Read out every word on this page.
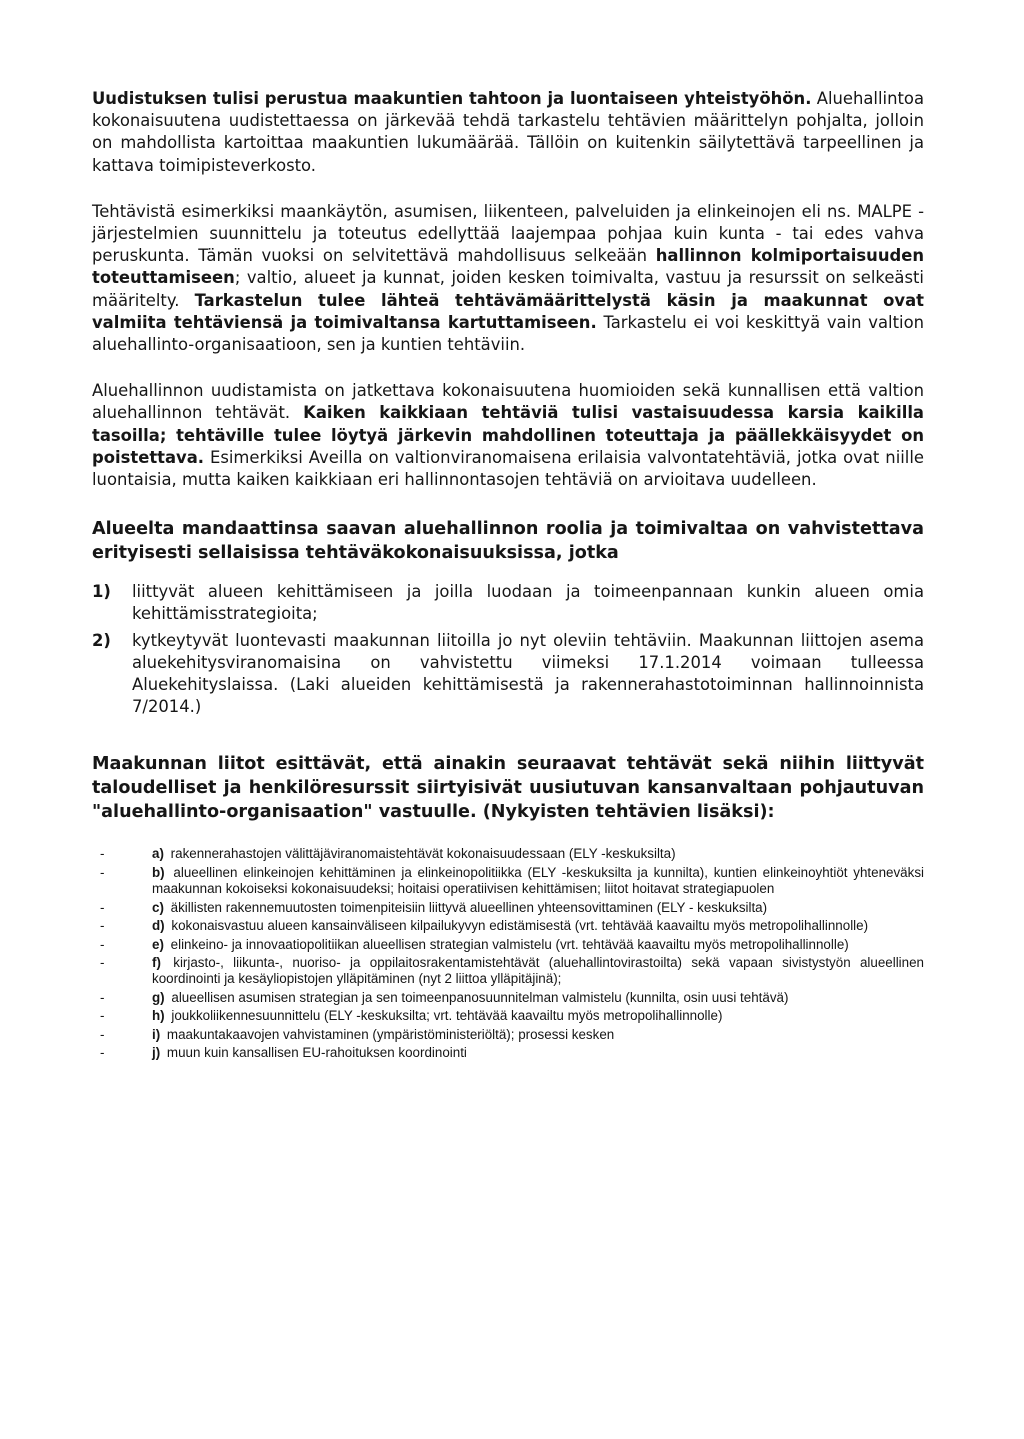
Uudistuksen tulisi perustua maakuntien tahtoon ja luontaiseen yhteistyöhön. Aluehallintoa kokonaisuutena uudistettaessa on järkevää tehdä tarkastelu tehtävien määrittelyn pohjalta, jolloin on mahdollista kartoittaa maakuntien lukumäärää. Tällöin on kuitenkin säilytettävä tarpeellinen ja kattava toimipisteverkosto.

Tehtävistä esimerkiksi maankäytön, asumisen, liikenteen, palveluiden ja elinkeinojen eli ns. MALPE -järjestelmien suunnittelu ja toteutus edellyttää laajempaa pohjaa kuin kunta - tai edes vahva peruskunta. Tämän vuoksi on selvitettävä mahdollisuus selkeään hallinnon kolmiportaisuuden toteuttamiseen; valtio, alueet ja kunnat, joiden kesken toimivalta, vastuu ja resurssit on selkeästi määritelty. Tarkastelun tulee lähteä tehtävämäärittelystä käsin ja maakunnat ovat valmiita tehtäviensä ja toimivaltansa kartuttamiseen. Tarkastelu ei voi keskittyä vain valtion aluehallinto-organisaatioon, sen ja kuntien tehtäviin.

Aluehallinnon uudistamista on jatkettava kokonaisuutena huomioiden sekä kunnallisen että valtion aluehallinnon tehtävät. Kaiken kaikkiaan tehtäviä tulisi vastaisuudessa karsia kaikilla tasoilla; tehtäville tulee löytyä järkevin mahdollinen toteuttaja ja päällekkäisyydet on poistettava. Esimerkiksi Aveilla on valtionviranomaisena erilaisia valvontatehtäviä, jotka ovat niille luontaisia, mutta kaiken kaikkiaan eri hallinnontasojen tehtäviä on arvioitava uudelleen.

Alueelta mandaattinsa saavan aluehallinnon roolia ja toimivaltaa on vahvistettava erityisesti sellaisissa tehtäväkokonaisuuksissa, jotka

1)	liittyvät alueen kehittämiseen ja joilla luodaan ja toimeenpannaan kunkin alueen omia kehittämisstrategioita;
2)	kytkeytyvät luontevasti maakunnan liitoilla jo nyt oleviin tehtäviin. Maakunnan liittojen asema aluekehitysviranomaisina on vahvistettu viimeksi 17.1.2014 voimaan tulleessa Aluekehityslaissa. (Laki alueiden kehittämisestä ja rakennerahastotoiminnan hallinnoinnista 7/2014.)

Maakunnan liitot esittävät, että ainakin seuraavat tehtävät sekä niihin liittyvät taloudelliset ja henkilöresurssit siirtyisivät uusiutuvan kansanvaltaan pohjautuvan "aluehallinto-organisaation" vastuulle. (Nykyisten tehtävien lisäksi):

-	a) rakennerahastojen välittäjäviranomaistehtävät kokonaisuudessaan (ELY -keskuksilta)
-	b) alueellinen elinkeinojen kehittäminen ja elinkeinopolitiikka (ELY -keskuksilta ja kunnilta), kuntien elinkeinoyhtiöt yhteneväksi maakunnan kokoiseksi kokonaisuudeksi; hoitaisi operatiivisen kehittämisen; liitot hoitavat strategiapuolen
-	c) äkillisten rakennemuutosten toimenpiteisiin liittyvä alueellinen yhteensovittaminen (ELY - keskuksilta)
-	d) kokonaisvastuu alueen kansainväliseen kilpailukyvyn edistämisestä (vrt. tehtävää kaavailtu myös metropolihallinnolle)
-	e) elinkeino- ja innovaatiopolitiikan alueellisen strategian valmistelu (vrt. tehtävää kaavailtu myös metropolihallinnolle)
-	f) kirjasto-, liikunta-, nuoriso- ja oppilaitosrakentamistehtävät (aluehallintovirastoilta) sekä vapaan sivistystyön alueellinen koordinointi ja kesäyliopistojen ylläpitäminen (nyt 2 liittoa ylläpitäjinä);
-	g) alueellisen asumisen strategian ja sen toimeenpanosuunnitelman valmistelu (kunnilta, osin uusi tehtävä)
-	h) joukkoliikennesuunnittelu (ELY -keskuksilta; vrt. tehtävää kaavailtu myös metropolihallinnolle)
-	i) maakuntakaavojen vahvistaminen (ympäristöministeriöltä); prosessi kesken
-	j) muun kuin kansallisen EU-rahoituksen koordinointi
